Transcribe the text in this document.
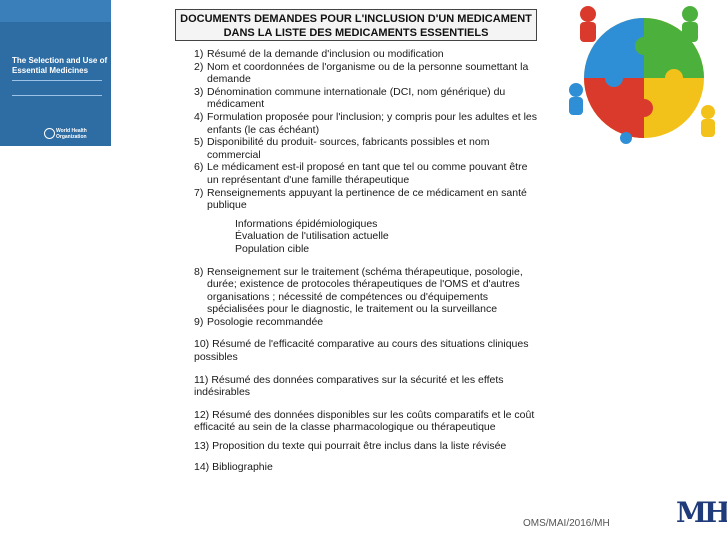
The Selection and Use of Essential Medicines
World Health Organization
DOCUMENTS DEMANDES POUR L'INCLUSION D'UN MEDICAMENT
DANS LA LISTE DES MEDICAMENTS ESSENTIELS
1) Résumé de la demande d'inclusion ou modification
2) Nom et coordonnées de l'organisme ou de la personne soumettant la demande
3) Dénomination commune internationale (DCI, nom générique) du médicament
4) Formulation proposée pour l'inclusion; y compris pour les adultes et les enfants (le cas échéant)
5) Disponibilité du produit- sources, fabricants possibles et nom commercial
6) Le médicament est-il proposé en tant que tel ou comme pouvant être un représentant d'une famille thérapeutique
7) Renseignements appuyant la pertinence de ce médicament en santé publique
Informations épidémiologiques
Évaluation de l'utilisation actuelle
Population cible
8) Renseignement sur le traitement (schéma thérapeutique, posologie, durée; existence de protocoles thérapeutiques de l'OMS et d'autres organisations ; nécessité de compétences ou d'équipements spécialisées pour le diagnostic, le traitement ou la surveillance
9) Posologie recommandée
10) Résumé de l'efficacité comparative au cours des situations cliniques possibles
11) Résumé des données comparatives sur la sécurité et les effets indésirables
12) Résumé des données disponibles sur les coûts comparatifs et le coût efficacité au sein de la classe pharmacologique ou thérapeutique
13) Proposition du texte qui pourrait être inclus dans la liste révisée
14) Bibliographie
OMS/MAI/2016/MH MH
